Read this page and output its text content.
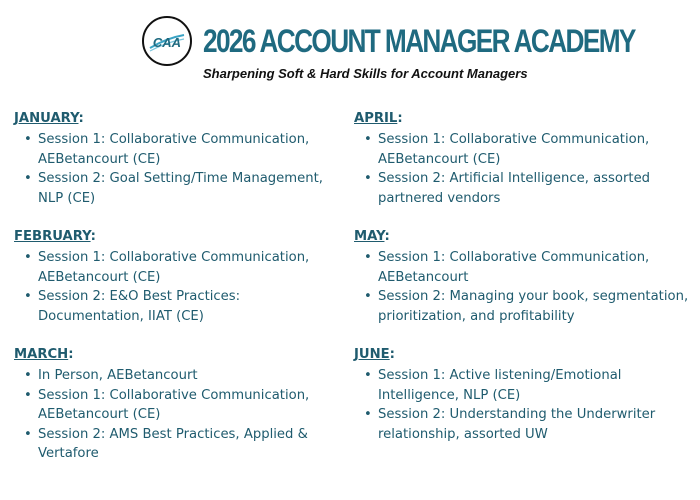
CAA 2026 ACCOUNT MANAGER ACADEMY
Sharpening Soft & Hard Skills for Account Managers
JANUARY:
• Session 1: Collaborative Communication, AEBetancourt (CE)
• Session 2: Goal Setting/Time Management, NLP (CE)
FEBRUARY:
• Session 1: Collaborative Communication, AEBetancourt (CE)
• Session 2: E&O Best Practices: Documentation, IIAT (CE)
MARCH:
• In Person, AEBetancourt
• Session 1: Collaborative Communication, AEBetancourt (CE)
• Session 2: AMS Best Practices, Applied & Vertafore
APRIL:
• Session 1: Collaborative Communication, AEBetancourt (CE)
• Session 2: Artificial Intelligence, assorted partnered vendors
MAY:
• Session 1: Collaborative Communication, AEBetancourt
• Session 2: Managing your book, segmentation, prioritization, and profitability
JUNE:
• Session 1: Active listening/Emotional Intelligence, NLP (CE)
• Session 2: Understanding the Underwriter relationship, assorted UW
